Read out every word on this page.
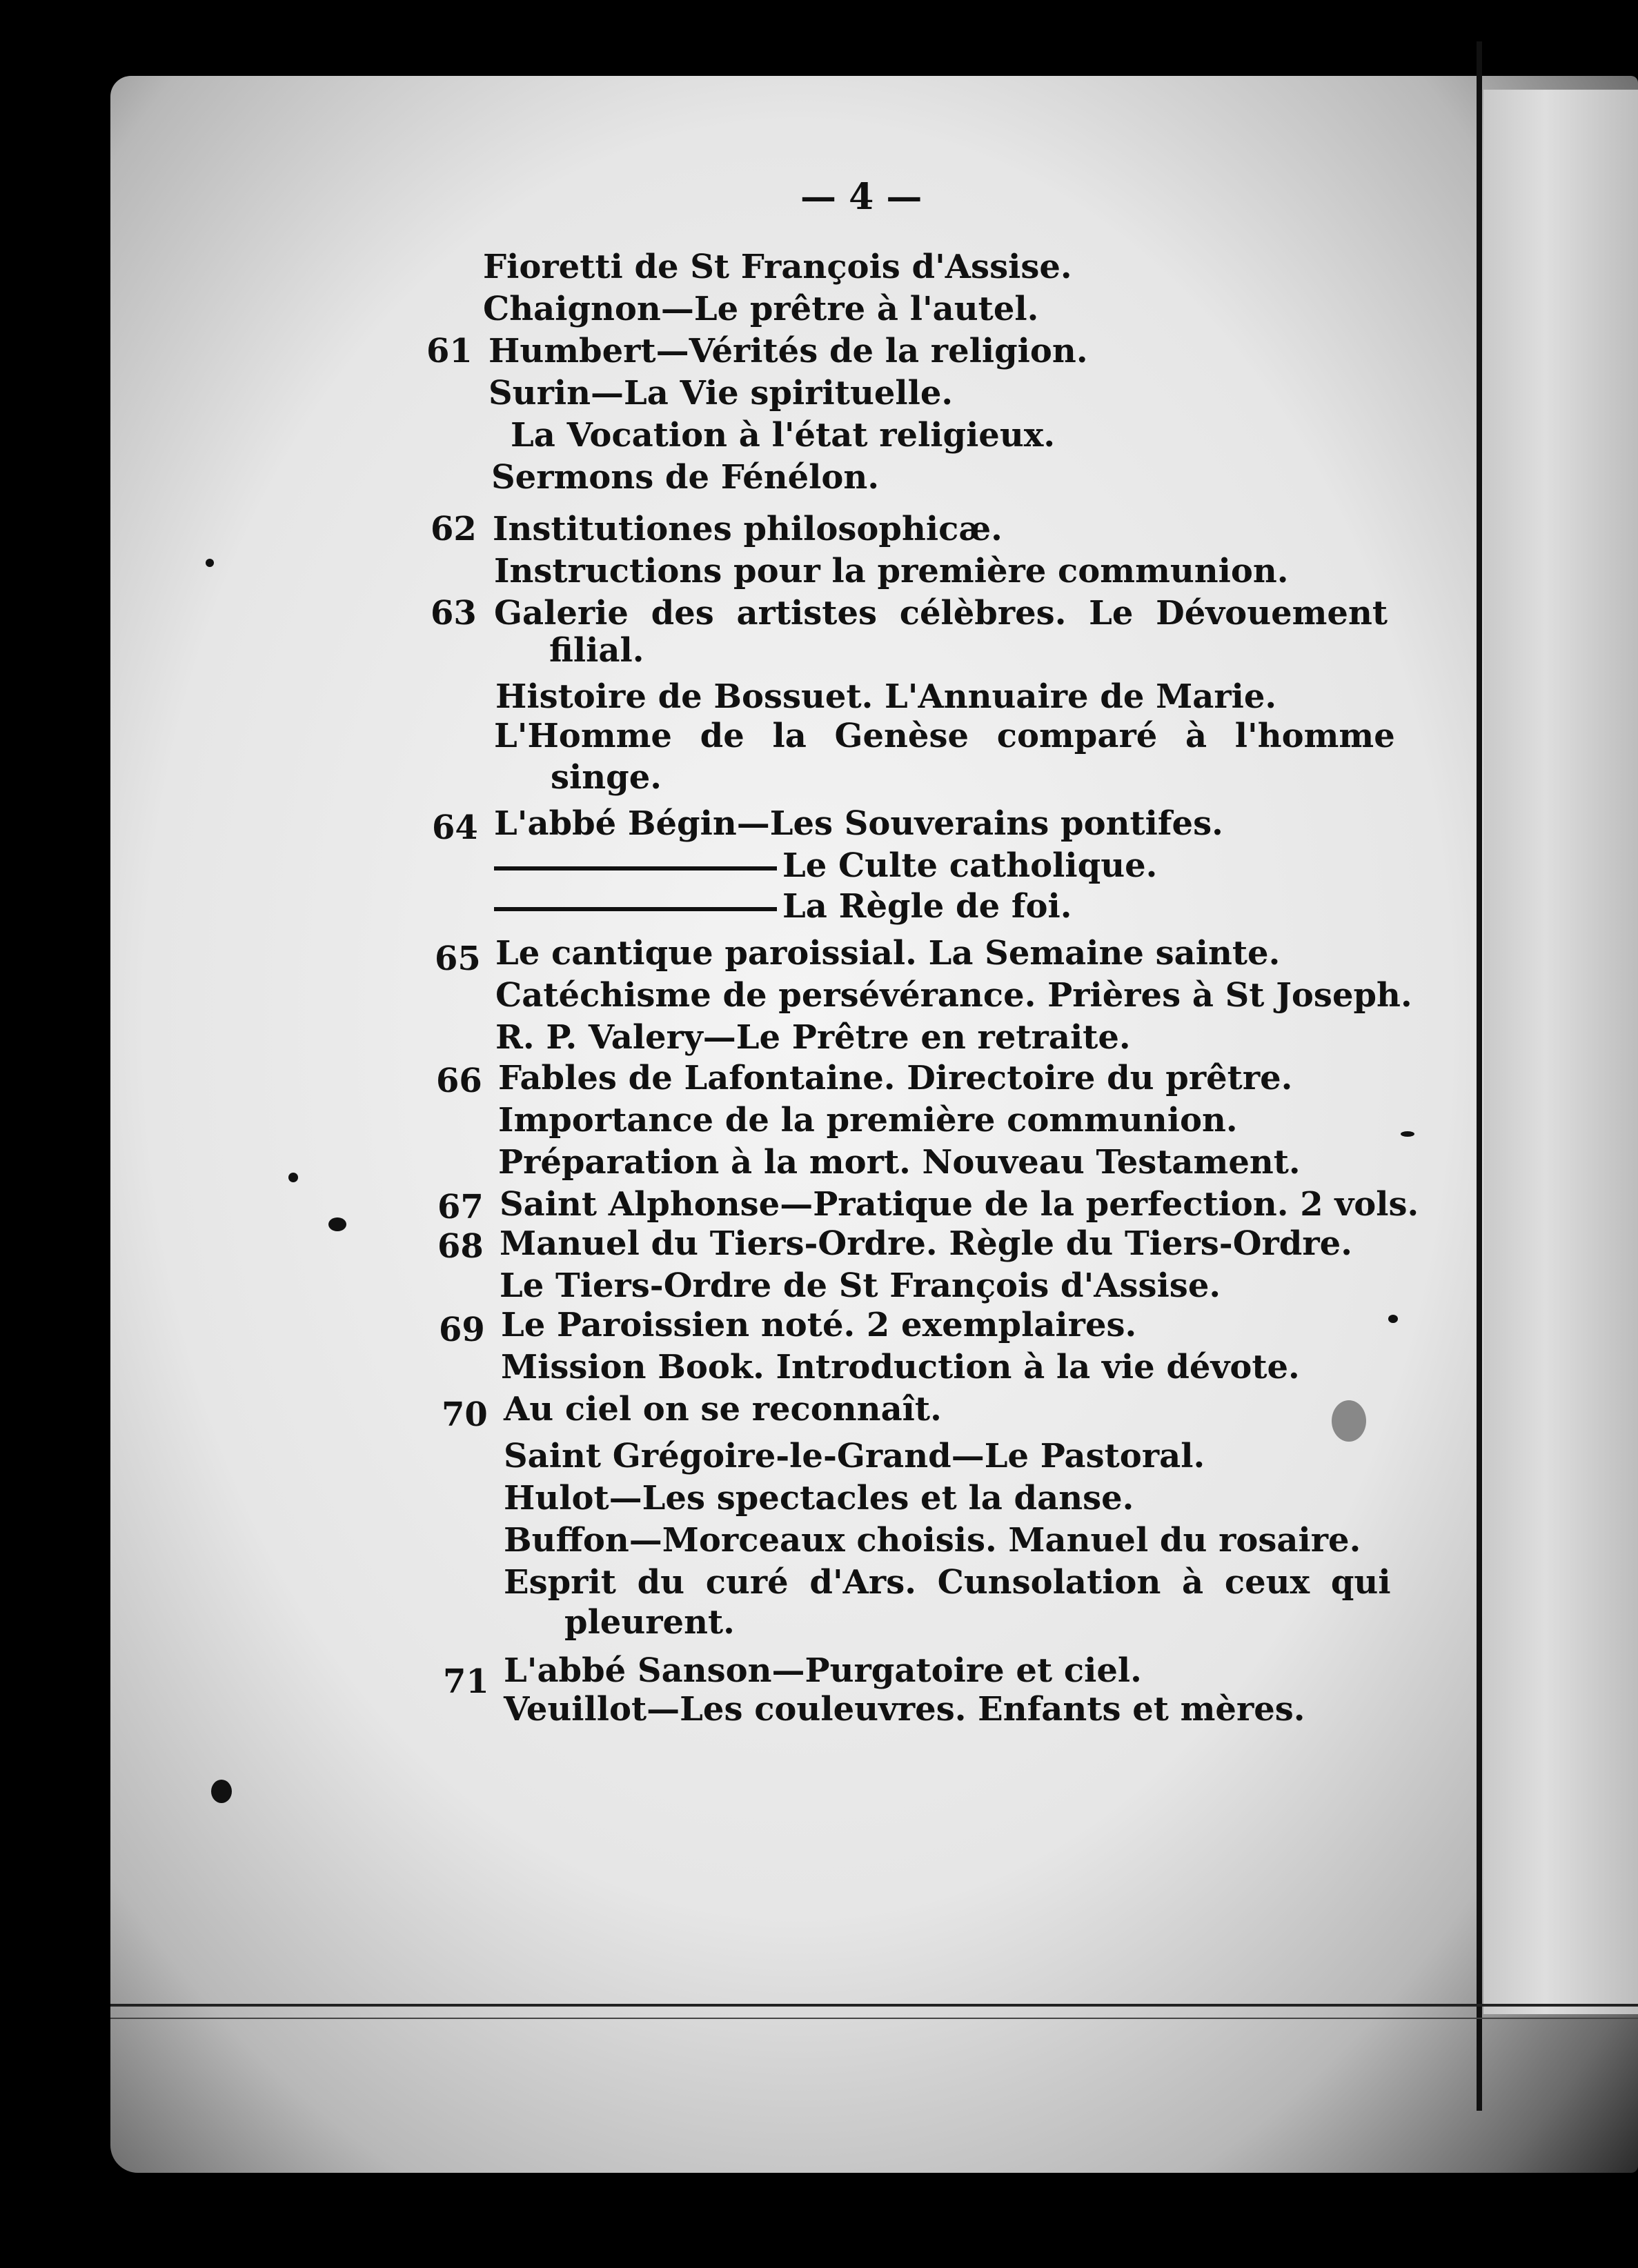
— 4 —
Fioretti de St François d'Assise.
Chaignon—Le prêtre à l'autel.
61 Humbert—Vérités de la religion.
Surin—La Vie spirituelle.
La Vocation à l'état religieux.
Sermons de Fénélon.
62 Institutiones philosophicæ.
Instructions pour la première communion.
63 Galerie des artistes célèbres. Le Dévouement
filial.
Histoire de Bossuet. L'Annuaire de Marie.
L'Homme de la Genèse comparé à l'homme
singe.
64 L'abbé Bégin—Les Souverains pontifes.
Le Culte catholique.
La Règle de foi.
65 Le cantique paroissial. La Semaine sainte.
Catéchisme de persévérance. Prières à St Joseph.
R. P. Valery—Le Prêtre en retraite.
66 Fables de Lafontaine. Directoire du prêtre.
Importance de la première communion.
Préparation à la mort. Nouveau Testament.
67 Saint Alphonse—Pratique de la perfection. 2 vols.
68 Manuel du Tiers-Ordre. Règle du Tiers-Ordre.
Le Tiers-Ordre de St François d'Assise.
69 Le Paroissien noté. 2 exemplaires.
Mission Book. Introduction à la vie dévote.
70 Au ciel on se reconnaît.
Saint Grégoire-le-Grand—Le Pastoral.
Hulot—Les spectacles et la danse.
Buffon—Morceaux choisis. Manuel du rosaire.
Esprit du curé d'Ars. Cunsolation à ceux qui
pleurent.
71 L'abbé Sanson—Purgatoire et ciel.
Veuillot—Les couleuvres. Enfants et mères.
